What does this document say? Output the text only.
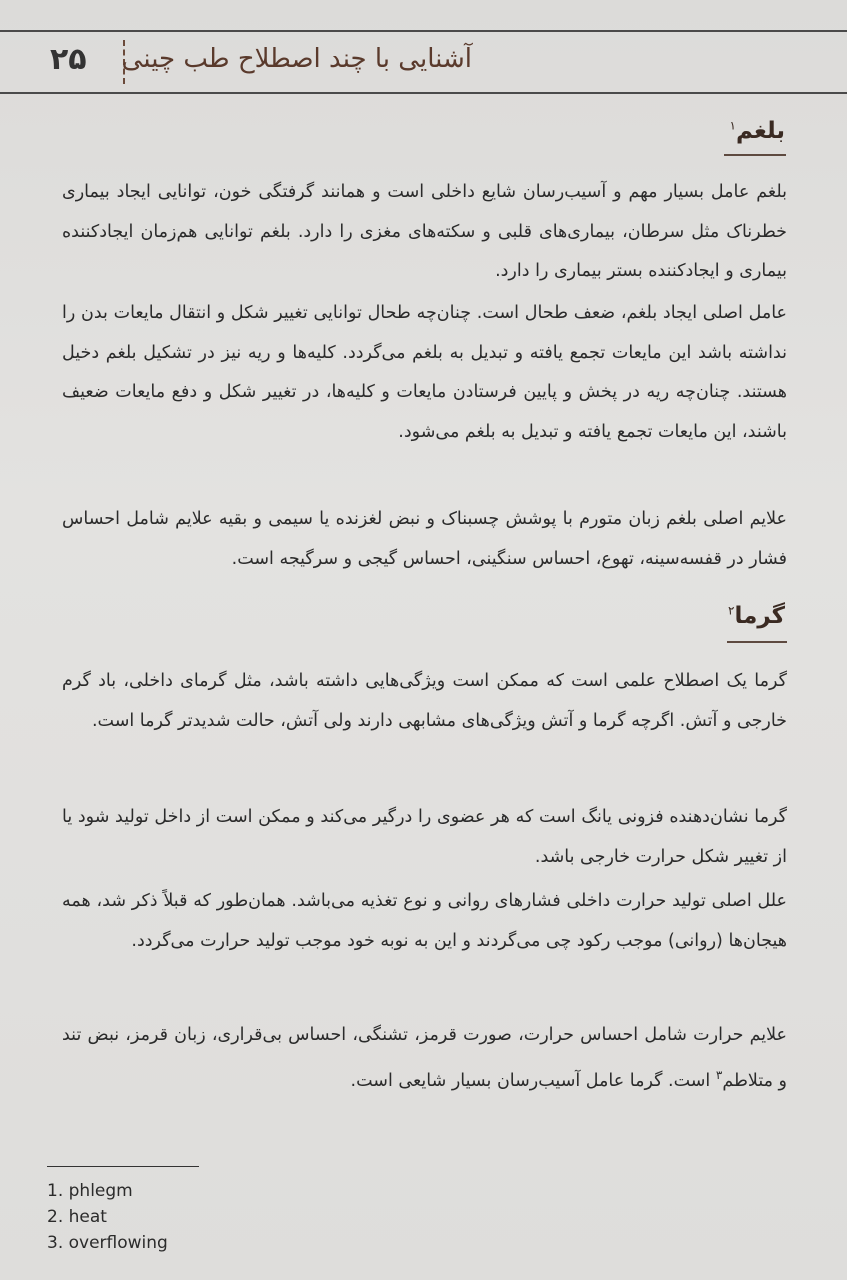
۲۵ آشنایی با چند اصطلاح طب چینی
بلغم$^۱$
بلغم عامل بسیار مهم و آسیب‌رسان شایع داخلی است و همانند گرفتگی خون، توانایی ایجاد بیماری خطرناک مثل سرطان، بیماری‌های قلبی و سکته‌های مغزی را دارد. بلغم توانایی هم‌زمان ایجادکننده بیماری و ایجادکننده بستر بیماری را دارد.
عامل اصلی ایجاد بلغم، ضعف طحال است. چنان‌چه طحال توانایی تغییر شکل و انتقال مایعات بدن را نداشته باشد این مایعات تجمع یافته و تبدیل به بلغم می‌گردد. کلیه‌ها و ریه نیز در تشکیل بلغم دخیل هستند. چنان‌چه ریه در پخش و پایین فرستادن مایعات و کلیه‌ها، در تغییر شکل و دفع مایعات ضعیف باشند، این مایعات تجمع یافته و تبدیل به بلغم می‌شود.
علایم اصلی بلغم زبان متورم با پوشش چسبناک و نبض لغزنده یا سیمی و بقیه علایم شامل احساس فشار در قفسه‌سینه، تهوع، احساس سنگینی، احساس گیجی و سرگیجه است.
گرما$^۲$
گرما یک اصطلاح علمی است که ممکن است ویژگی‌هایی داشته باشد، مثل گرمای داخلی، باد گرم خارجی و آتش. اگرچه گرما و آتش ویژگی‌های مشابهی دارند ولی آتش، حالت شدیدتر گرما است.
گرما نشان‌دهنده فزونی یانگ است که هر عضوی را درگیر می‌کند و ممکن است از داخل تولید شود یا از تغییر شکل حرارت خارجی باشد.
علل اصلی تولید حرارت داخلی فشارهای روانی و نوع تغذیه می‌باشد. همان‌طور که قبلاً ذکر شد، همه هیجان‌ها (روانی) موجب رکود چی می‌گردند و این به نوبه خود موجب تولید حرارت می‌گردد.
علایم حرارت شامل احساس حرارت، صورت قرمز، تشنگی، احساس بی‌قراری، زبان قرمز، نبض تند و متلاطم$^۳$ است. گرما عامل آسیب‌رسان بسیار شایعی است.
1. phlegm
2. heat
3. overflowing
